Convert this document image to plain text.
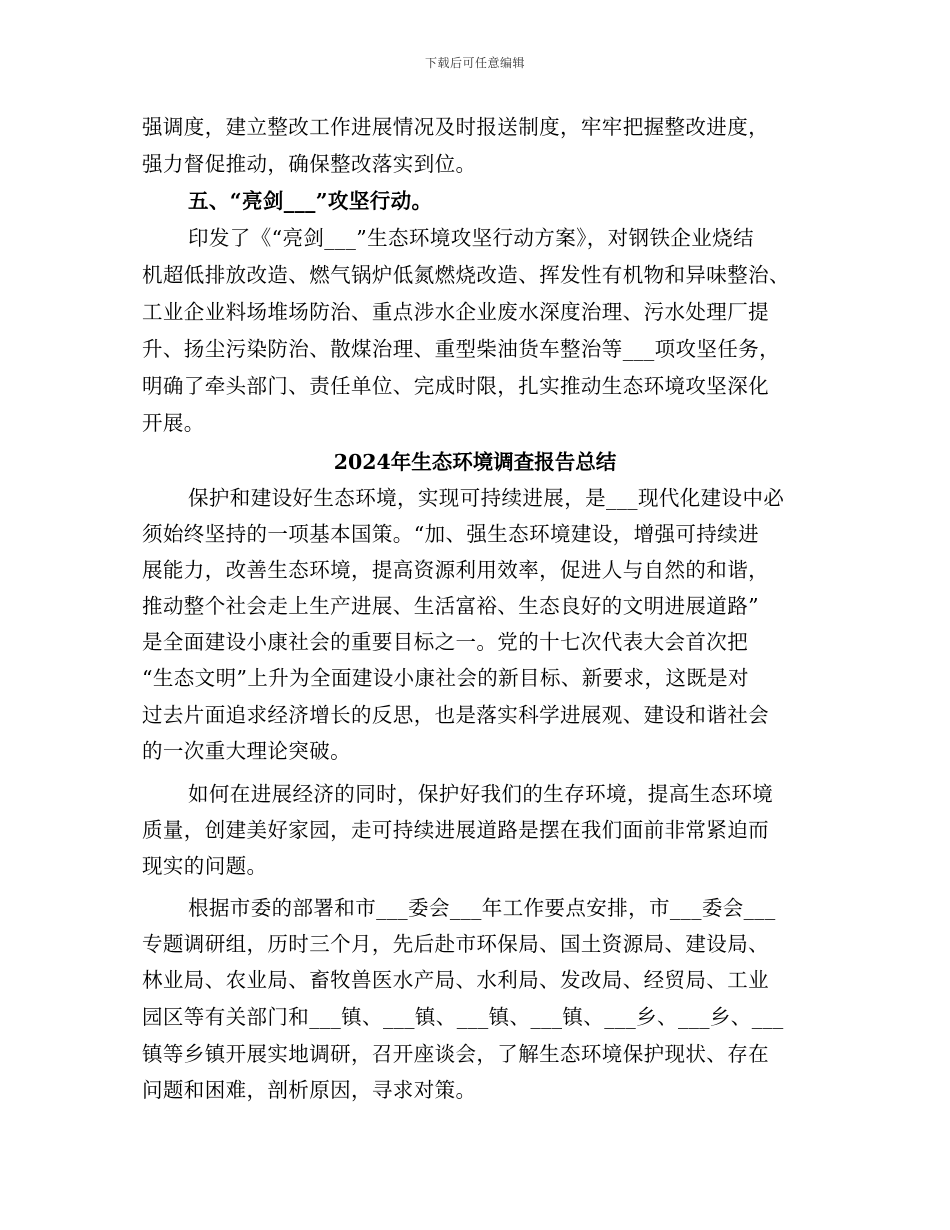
下载后可任意编辑
强调度，建立整改工作进展情况及时报送制度，牢牢把握整改进度，
强力督促推动，确保整改落实到位。
五、“亮剑___”攻坚行动。
印发了《“亮剑___”生态环境攻坚行动方案》，对钢铁企业烧结
机超低排放改造、燃气锅炉低氮燃烧改造、挥发性有机物和异味整治、
工业企业料场堆场防治、重点涉水企业废水深度治理、污水处理厂提
升、扬尘污染防治、散煤治理、重型柴油货车整治等___项攻坚任务，
明确了牵头部门、责任单位、完成时限，扎实推动生态环境攻坚深化
开展。
2024年生态环境调查报告总结
保护和建设好生态环境，实现可持续进展，是___现代化建设中必
须始终坚持的一项基本国策。“加、强生态环境建设，增强可持续进
展能力，改善生态环境，提高资源利用效率，促进人与自然的和谐，
推动整个社会走上生产进展、生活富裕、生态良好的文明进展道路”
是全面建设小康社会的重要目标之一。党的十七次代表大会首次把
“生态文明”上升为全面建设小康社会的新目标、新要求，这既是对
过去片面追求经济增长的反思，也是落实科学进展观、建设和谐社会
的一次重大理论突破。
如何在进展经济的同时，保护好我们的生存环境，提高生态环境
质量，创建美好家园，走可持续进展道路是摆在我们面前非常紧迫而
现实的问题。
根据市委的部署和市___委会___年工作要点安排，市___委会___
专题调研组，历时三个月，先后赴市环保局、国土资源局、建设局、
林业局、农业局、畜牧兽医水产局、水利局、发改局、经贸局、工业
园区等有关部门和___镇、___镇、___镇、___镇、___乡、___乡、___
镇等乡镇开展实地调研，召开座谈会，了解生态环境保护现状、存在
问题和困难，剖析原因，寻求对策。
